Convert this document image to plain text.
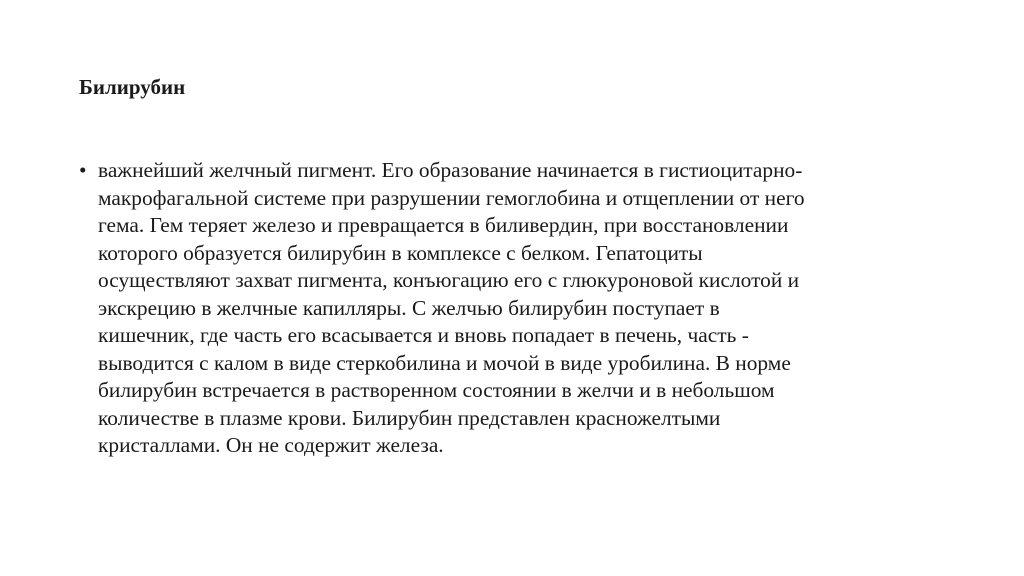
Билирубин
• важнейший желчный пигмент. Его образование начинается в гистиоцитарно-
макрофагальной системе при разрушении гемоглобина и отщеплении от него
гема. Гем теряет железо и превращается в биливердин, при восстановлении
которого образуется билирубин в комплексе с белком. Гепатоциты
осуществляют захват пигмента, конъюгацию его с глюкуроновой кислотой и
экскрецию в желчные капилляры. С желчью билирубин поступает в
кишечник, где часть его всасывается и вновь попадает в печень, часть -
выводится с калом в виде стеркобилина и мочой в виде уробилина. В норме
билирубин встречается в растворенном состоянии в желчи и в небольшом
количестве в плазме крови. Билирубин представлен красножелтыми
кристаллами. Он не содержит железа.
